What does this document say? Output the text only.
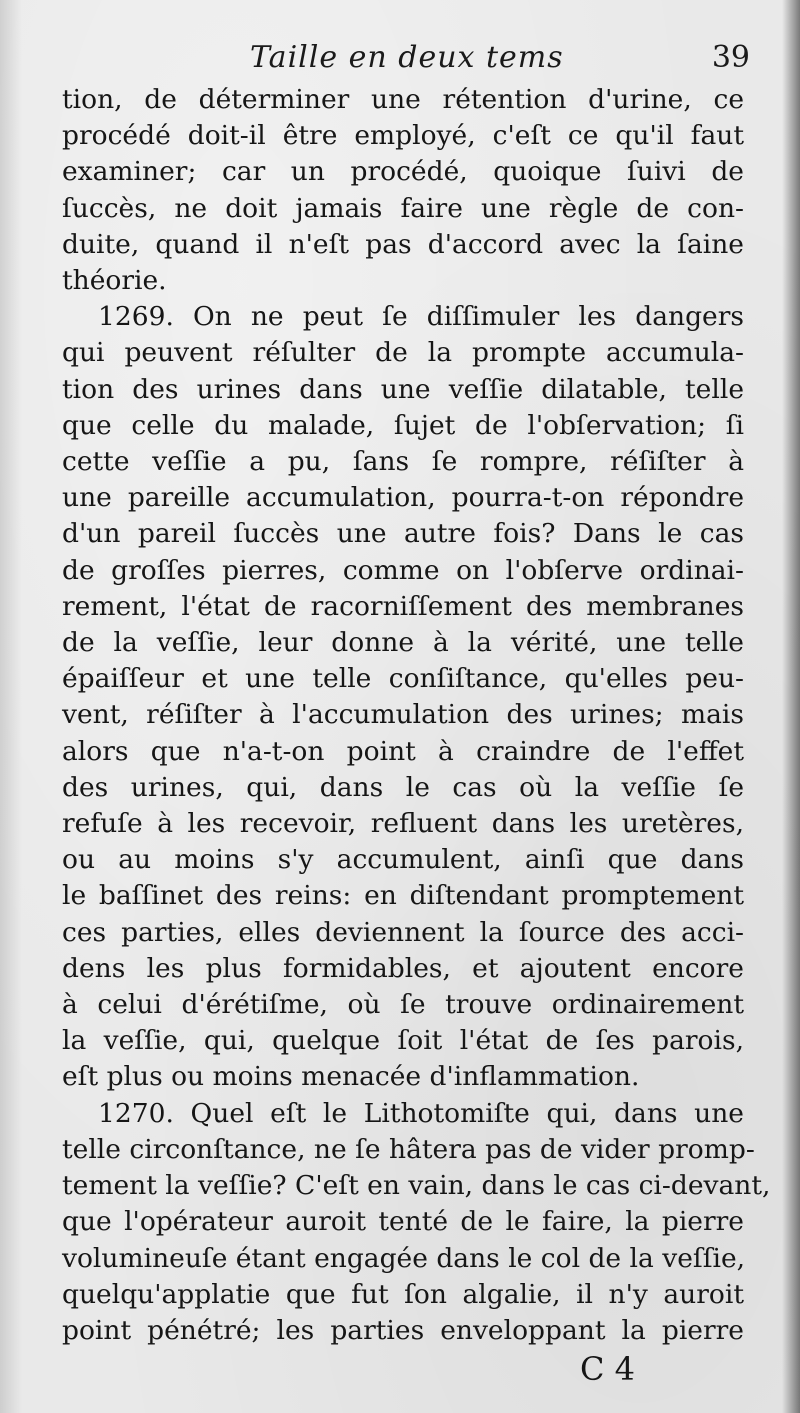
Taille en deux tems	39
tion, de déterminer une rétention d'urine, ce
procédé doit-il être employé, c'eſt ce qu'il faut
examiner; car un procédé, quoique ſuivi de
ſuccès, ne doit jamais faire une règle de con-
duite, quand il n'eſt pas d'accord avec la ſaine
théorie.
1269. On ne peut ſe diſſimuler les dangers
qui peuvent réſulter de la prompte accumula-
tion des urines dans une veſſie dilatable, telle
que celle du malade, ſujet de l'obſervation; ſi
cette veſſie a pu, ſans ſe rompre, réſiſter à
une pareille accumulation, pourra-t-on répondre
d'un pareil ſuccès une autre fois? Dans le cas
de groſſes pierres, comme on l'obſerve ordinai-
rement, l'état de racorniſſement des membranes
de la veſſie, leur donne à la vérité, une telle
épaiſſeur et une telle conſiſtance, qu'elles peu-
vent, réſiſter à l'accumulation des urines; mais
alors que n'a-t-on point à craindre de l'effet
des urines, qui, dans le cas où la veſſie ſe
refuſe à les recevoir, refluent dans les uretères,
ou au moins s'y accumulent, ainſi que dans
le baſſinet des reins: en diſtendant promptement
ces parties, elles deviennent la ſource des acci-
dens les plus formidables, et ajoutent encore
à celui d'érétiſme, où ſe trouve ordinairement
la veſſie, qui, quelque ſoit l'état de ſes parois,
eſt plus ou moins menacée d'inflammation.
1270. Quel eſt le Lithotomiſte qui, dans une
telle circonſtance, ne ſe hâtera pas de vider promp-
tement la veſſie? C'eſt en vain, dans le cas ci-devant,
que l'opérateur auroit tenté de le faire, la pierre
volumineuſe étant engagée dans le col de la veſſie,
quelqu'applatie que fut ſon algalie, il n'y auroit
point pénétré; les parties enveloppant la pierre
C 4
